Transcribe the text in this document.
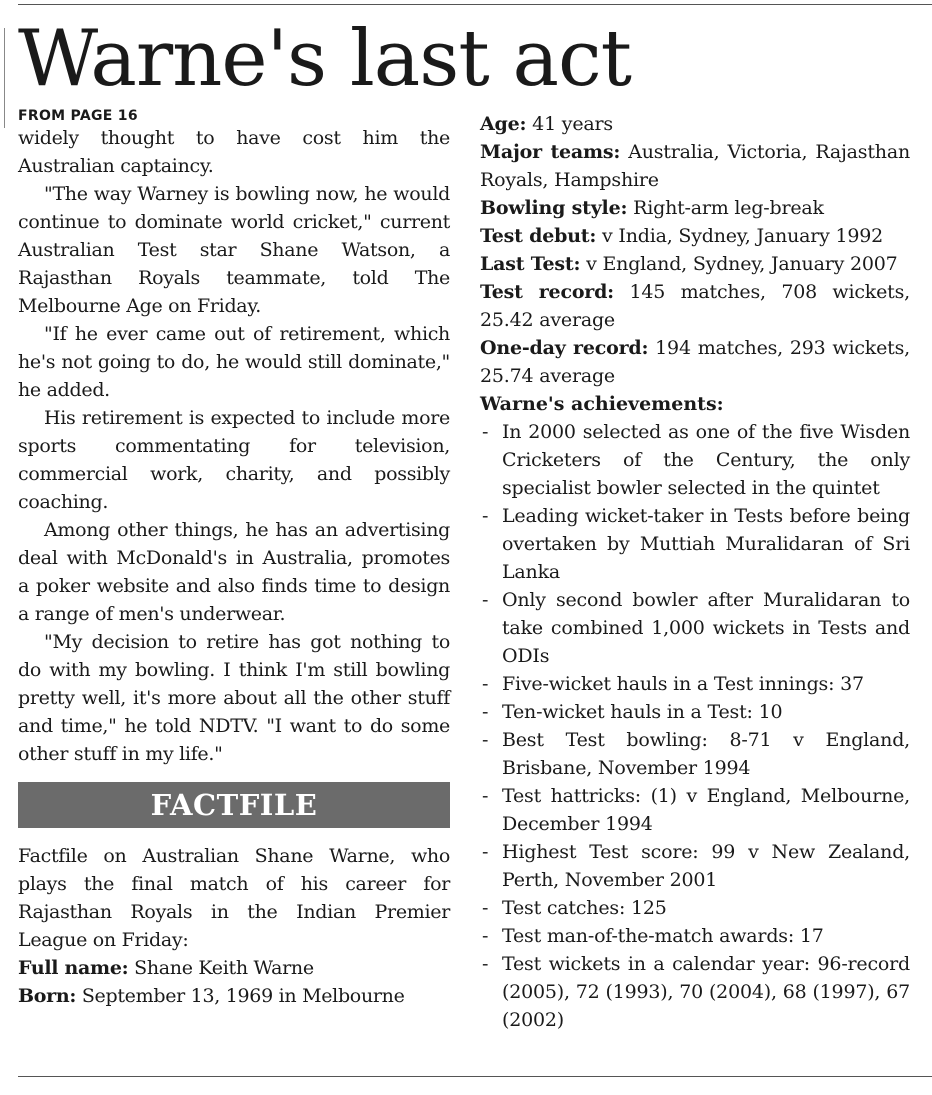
Warne's last act
FROM PAGE 16

widely thought to have cost him the Australian captaincy.

"The way Warney is bowling now, he would continue to dominate world cricket," current Australian Test star Shane Watson, a Rajasthan Royals teammate, told The Melbourne Age on Friday.

"If he ever came out of retirement, which he's not going to do, he would still dominate," he added.

His retirement is expected to include more sports commentating for television, commercial work, charity, and possibly coaching.

Among other things, he has an advertising deal with McDonald's in Australia, promotes a poker website and also finds time to design a range of men's underwear.

"My decision to retire has got nothing to do with my bowling. I think I'm still bowling pretty well, it's more about all the other stuff and time," he told NDTV. "I want to do some other stuff in my life."

FACTFILE

Factfile on Australian Shane Warne, who plays the final match of his career for Rajasthan Royals in the Indian Premier League on Friday:

Full name: Shane Keith Warne

Born: September 13, 1969 in Melbourne

Age: 41 years

Major teams: Australia, Victoria, Rajasthan Royals, Hampshire

Bowling style: Right-arm leg-break

Test debut: v India, Sydney, January 1992

Last Test: v England, Sydney, January 2007

Test record: 145 matches, 708 wickets, 25.42 average

One-day record: 194 matches, 293 wickets, 25.74 average

Warne's achievements:

- In 2000 selected as one of the five Wisden Cricketers of the Century, the only specialist bowler selected in the quintet
- Leading wicket-taker in Tests before being overtaken by Muttiah Muralidaran of Sri Lanka
- Only second bowler after Muralidaran to take combined 1,000 wickets in Tests and ODIs
- Five-wicket hauls in a Test innings: 37
- Ten-wicket hauls in a Test: 10
- Best Test bowling: 8-71 v England, Brisbane, November 1994
- Test hattricks: (1) v England, Melbourne, December 1994
- Highest Test score: 99 v New Zealand, Perth, November 2001
- Test catches: 125
- Test man-of-the-match awards: 17
- Test wickets in a calendar year: 96-record (2005), 72 (1993), 70 (2004), 68 (1997), 67 (2002)
